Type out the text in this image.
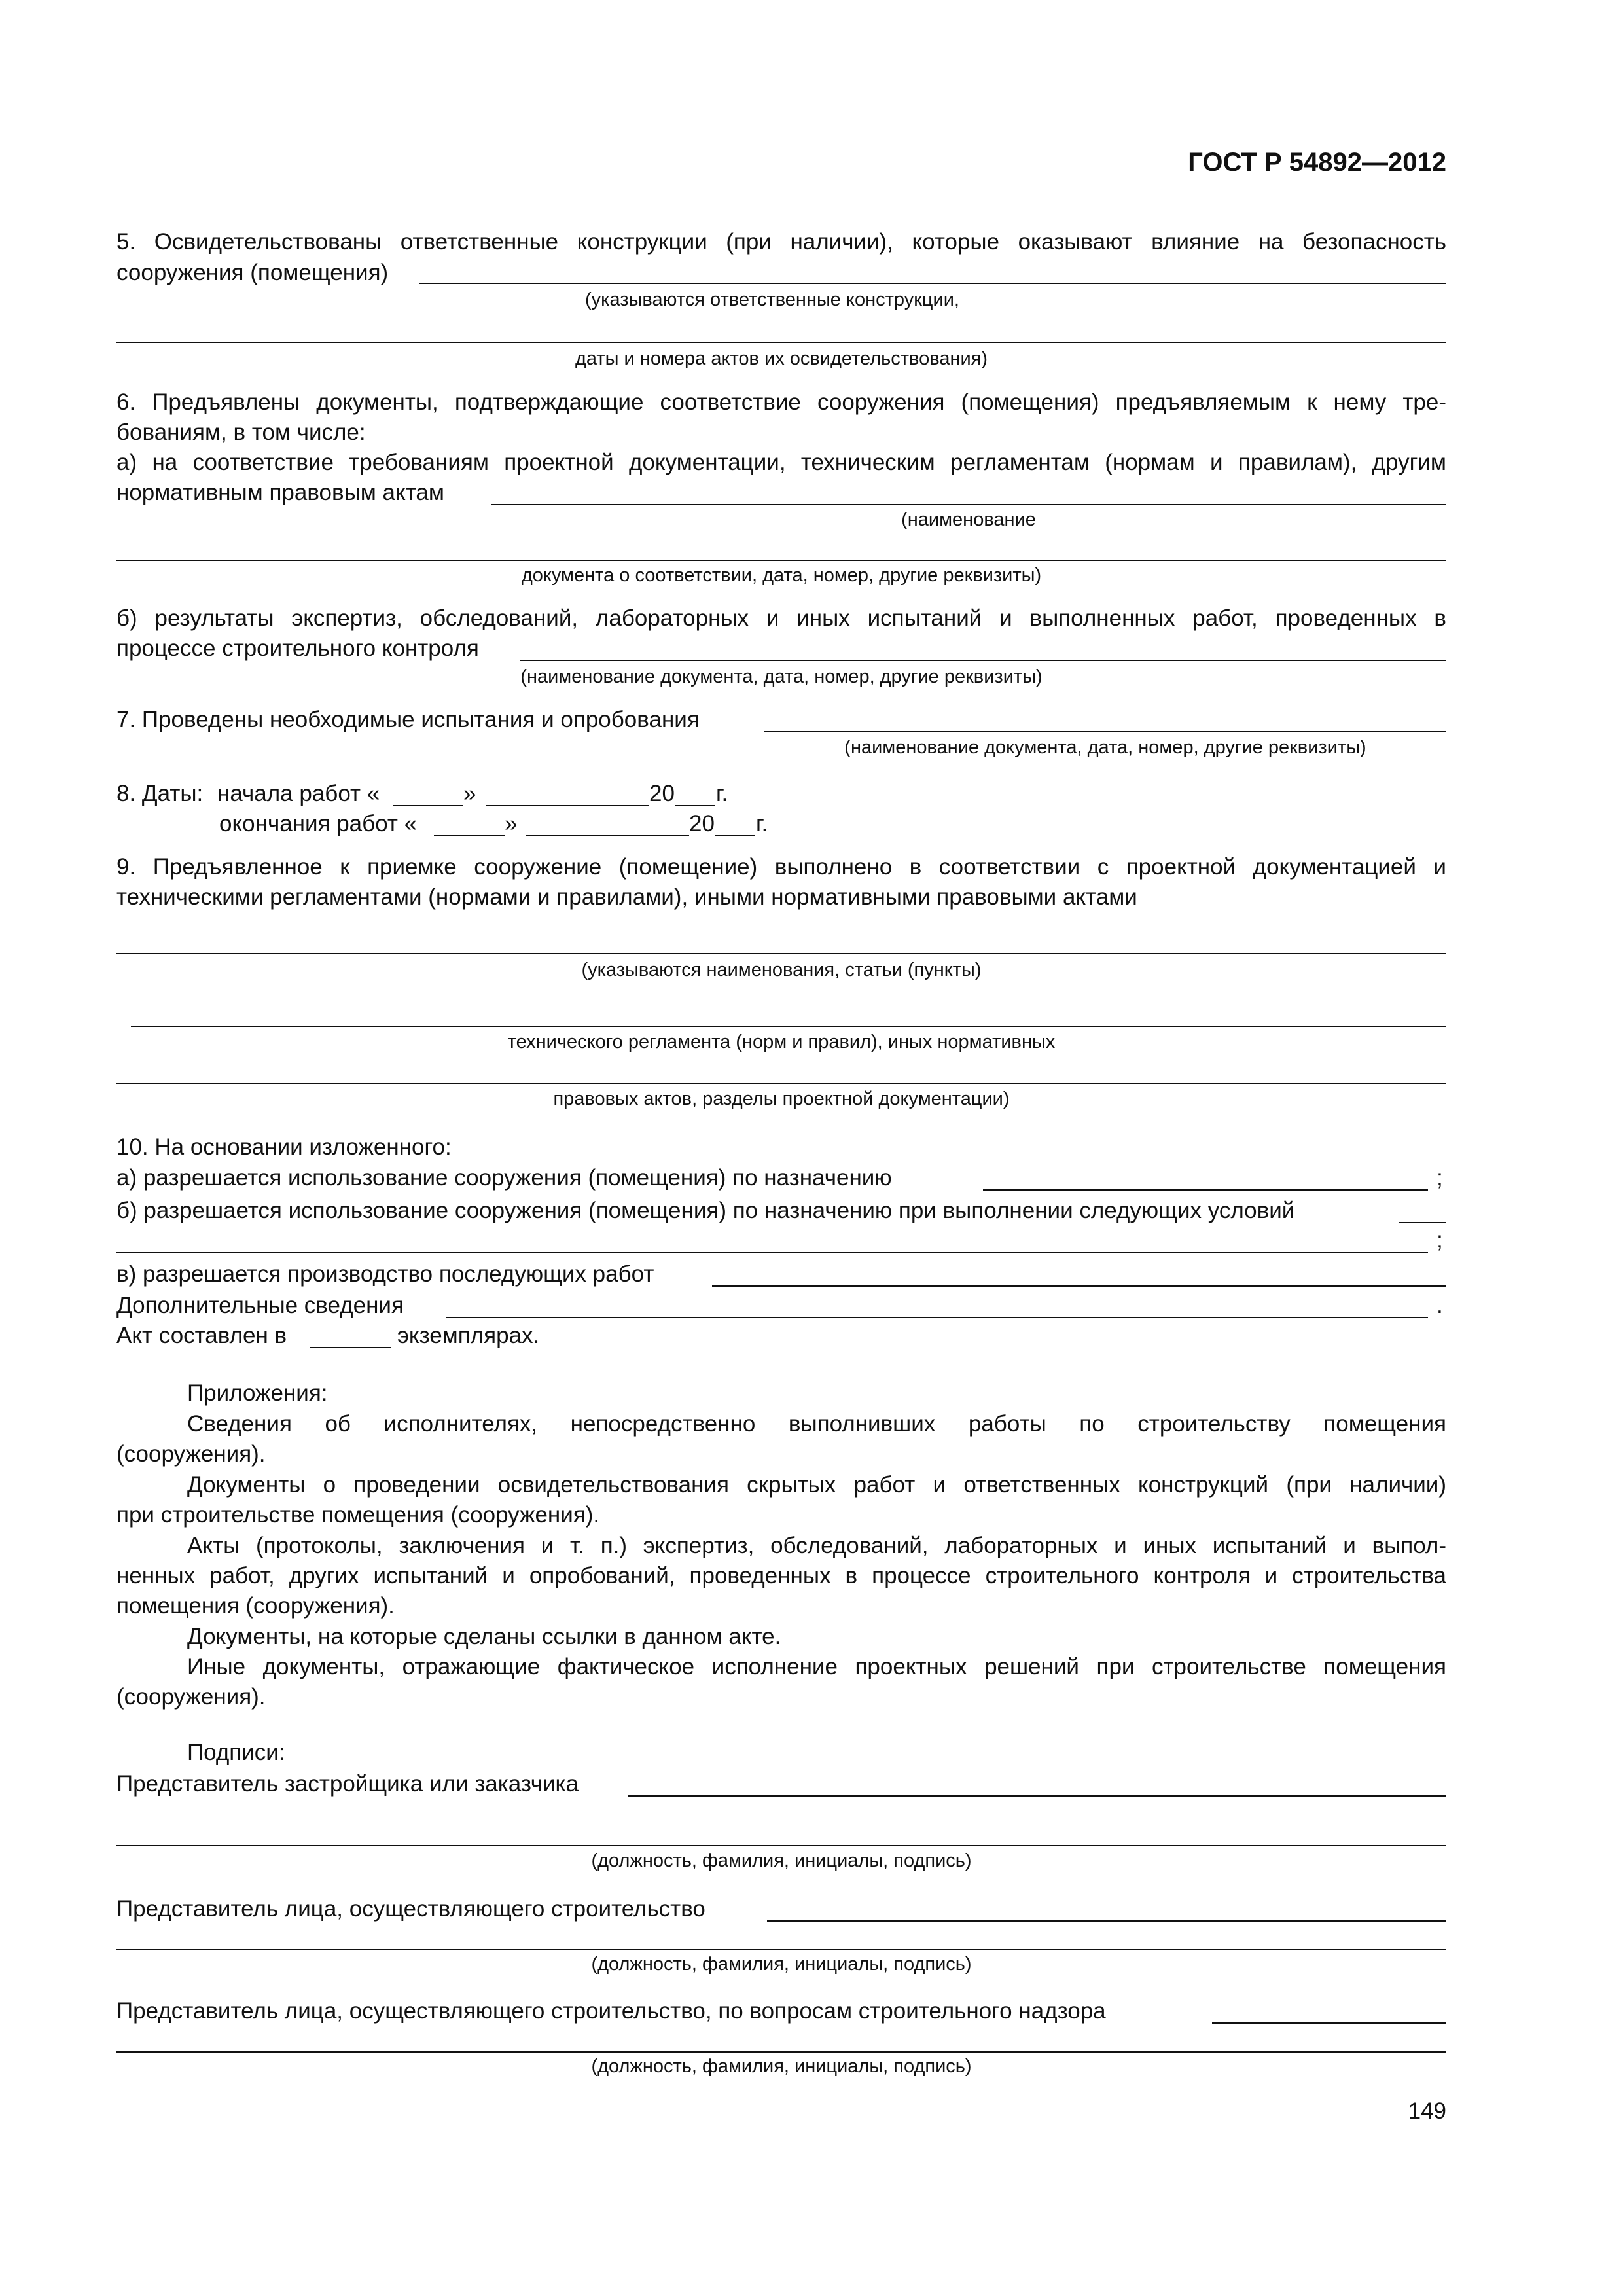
ГОСТ Р 54892—2012
5. Освидетельствованы ответственные конструкции (при наличии), которые оказывают влияние на безопасность
сооружения (помещения)
(указываются ответственные конструкции,
даты и номера актов их освидетельствования)
6. Предъявлены документы, подтверждающие соответствие сооружения (помещения) предъявляемым к нему тре-
бованиям, в том числе:
а) на соответствие требованиям проектной документации, техническим регламентам (нормам и правилам), другим
нормативным правовым актам
(наименование
документа о соответствии, дата, номер, другие реквизиты)
б) результаты экспертиз, обследований, лабораторных и иных испытаний и выполненных работ, проведенных в
процессе строительного контроля
(наименование документа, дата, номер, другие реквизиты)
7. Проведены необходимые испытания и опробования
(наименование документа, дата, номер, другие реквизиты)
8. Даты: начала работ «	»	20 г.
окончания работ «	»	20 г.
9. Предъявленное к приемке сооружение (помещение) выполнено в соответствии с проектной документацией и
техническими регламентами (нормами и правилами), иными нормативными правовыми актами
(указываются наименования, статьи (пункты)
технического регламента (норм и правил), иных нормативных
правовых актов, разделы проектной документации)
10. На основании изложенного:
а) разрешается использование сооружения (помещения) по назначению	;
б) разрешается использование сооружения (помещения) по назначению при выполнении следующих условий
;
в) разрешается производство последующих работ
Дополнительные сведения	.
Акт составлен в	экземплярах.
Приложения:
Сведения об исполнителях, непосредственно выполнивших работы по строительству помещения
(сооружения).
Документы о проведении освидетельствования скрытых работ и ответственных конструкций (при наличии)
при строительстве помещения (сооружения).
Акты (протоколы, заключения и т. п.) экспертиз, обследований, лабораторных и иных испытаний и выпол-
ненных работ, других испытаний и опробований, проведенных в процессе строительного контроля и строительства
помещения (сооружения).
Документы, на которые сделаны ссылки в данном акте.
Иные документы, отражающие фактическое исполнение проектных решений при строительстве помещения
(сооружения).
Подписи:
Представитель застройщика или заказчика
(должность, фамилия, инициалы, подпись)
Представитель лица, осуществляющего строительство
(должность, фамилия, инициалы, подпись)
Представитель лица, осуществляющего строительство, по вопросам строительного надзора
(должность, фамилия, инициалы, подпись)
149
